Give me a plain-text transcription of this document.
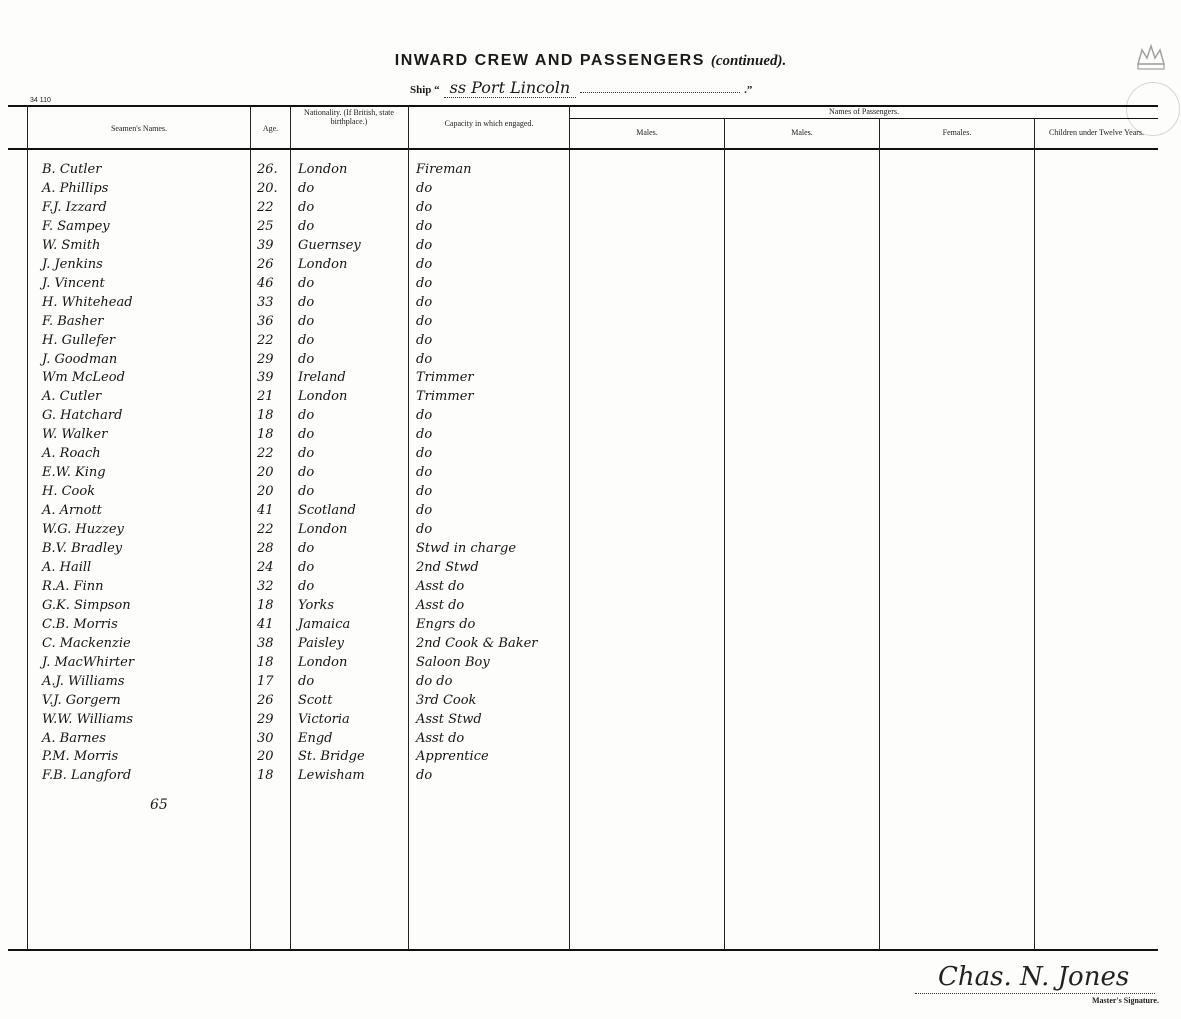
INWARD CREW AND PASSENGERS (continued).
Ship “ ss Port Lincoln	.”
34 110
Seamen's Names.	Age.
Nationality. (If British, state birthplace.)	Capacity in which engaged.
Names of Passengers.
Males.	Males.	Females.	Children under Twelve Years.
B. Cutler	26. London	Fireman
A. Phillips	20. do	do
F.J. Izzard	22 do	do
F. Sampey	25 do	do
W. Smith	39 Guernsey	do
J. Jenkins	26 London	do
J. Vincent	46 do	do
H. Whitehead	33 do	do
F. Basher	36 do	do
H. Gullefer	22 do	do
J. Goodman	29 do	do
Wm McLeod	39 Ireland	Trimmer
A. Cutler	21 London	Trimmer
G. Hatchard	18 do	do
W. Walker	18 do	do
A. Roach	22 do	do
E.W. King	20 do	do
H. Cook	20 do	do
A. Arnott	41 Scotland	do
W.G. Huzzey	22 London	do
B.V. Bradley	28 do	Stwd in charge
A. Haill	24 do	2nd Stwd
R.A. Finn	32 do	Asst do
G.K. Simpson	18 Yorks	Asst do
C.B. Morris	41 Jamaica	Engrs do
C. Mackenzie	38 Paisley	2nd Cook & Baker
J. MacWhirter	18 London	Saloon Boy
A.J. Williams	17 do	do do
V.J. Gorgern	26 Scott	3rd Cook
W.W. Williams	29 Victoria	Asst Stwd
A. Barnes	30 Engd	Asst do
P.M. Morris	20 St. Bridge	Apprentice
F.B. Langford	18 Lewisham	do
65
Chas. N. Jones
Master's Signature.
